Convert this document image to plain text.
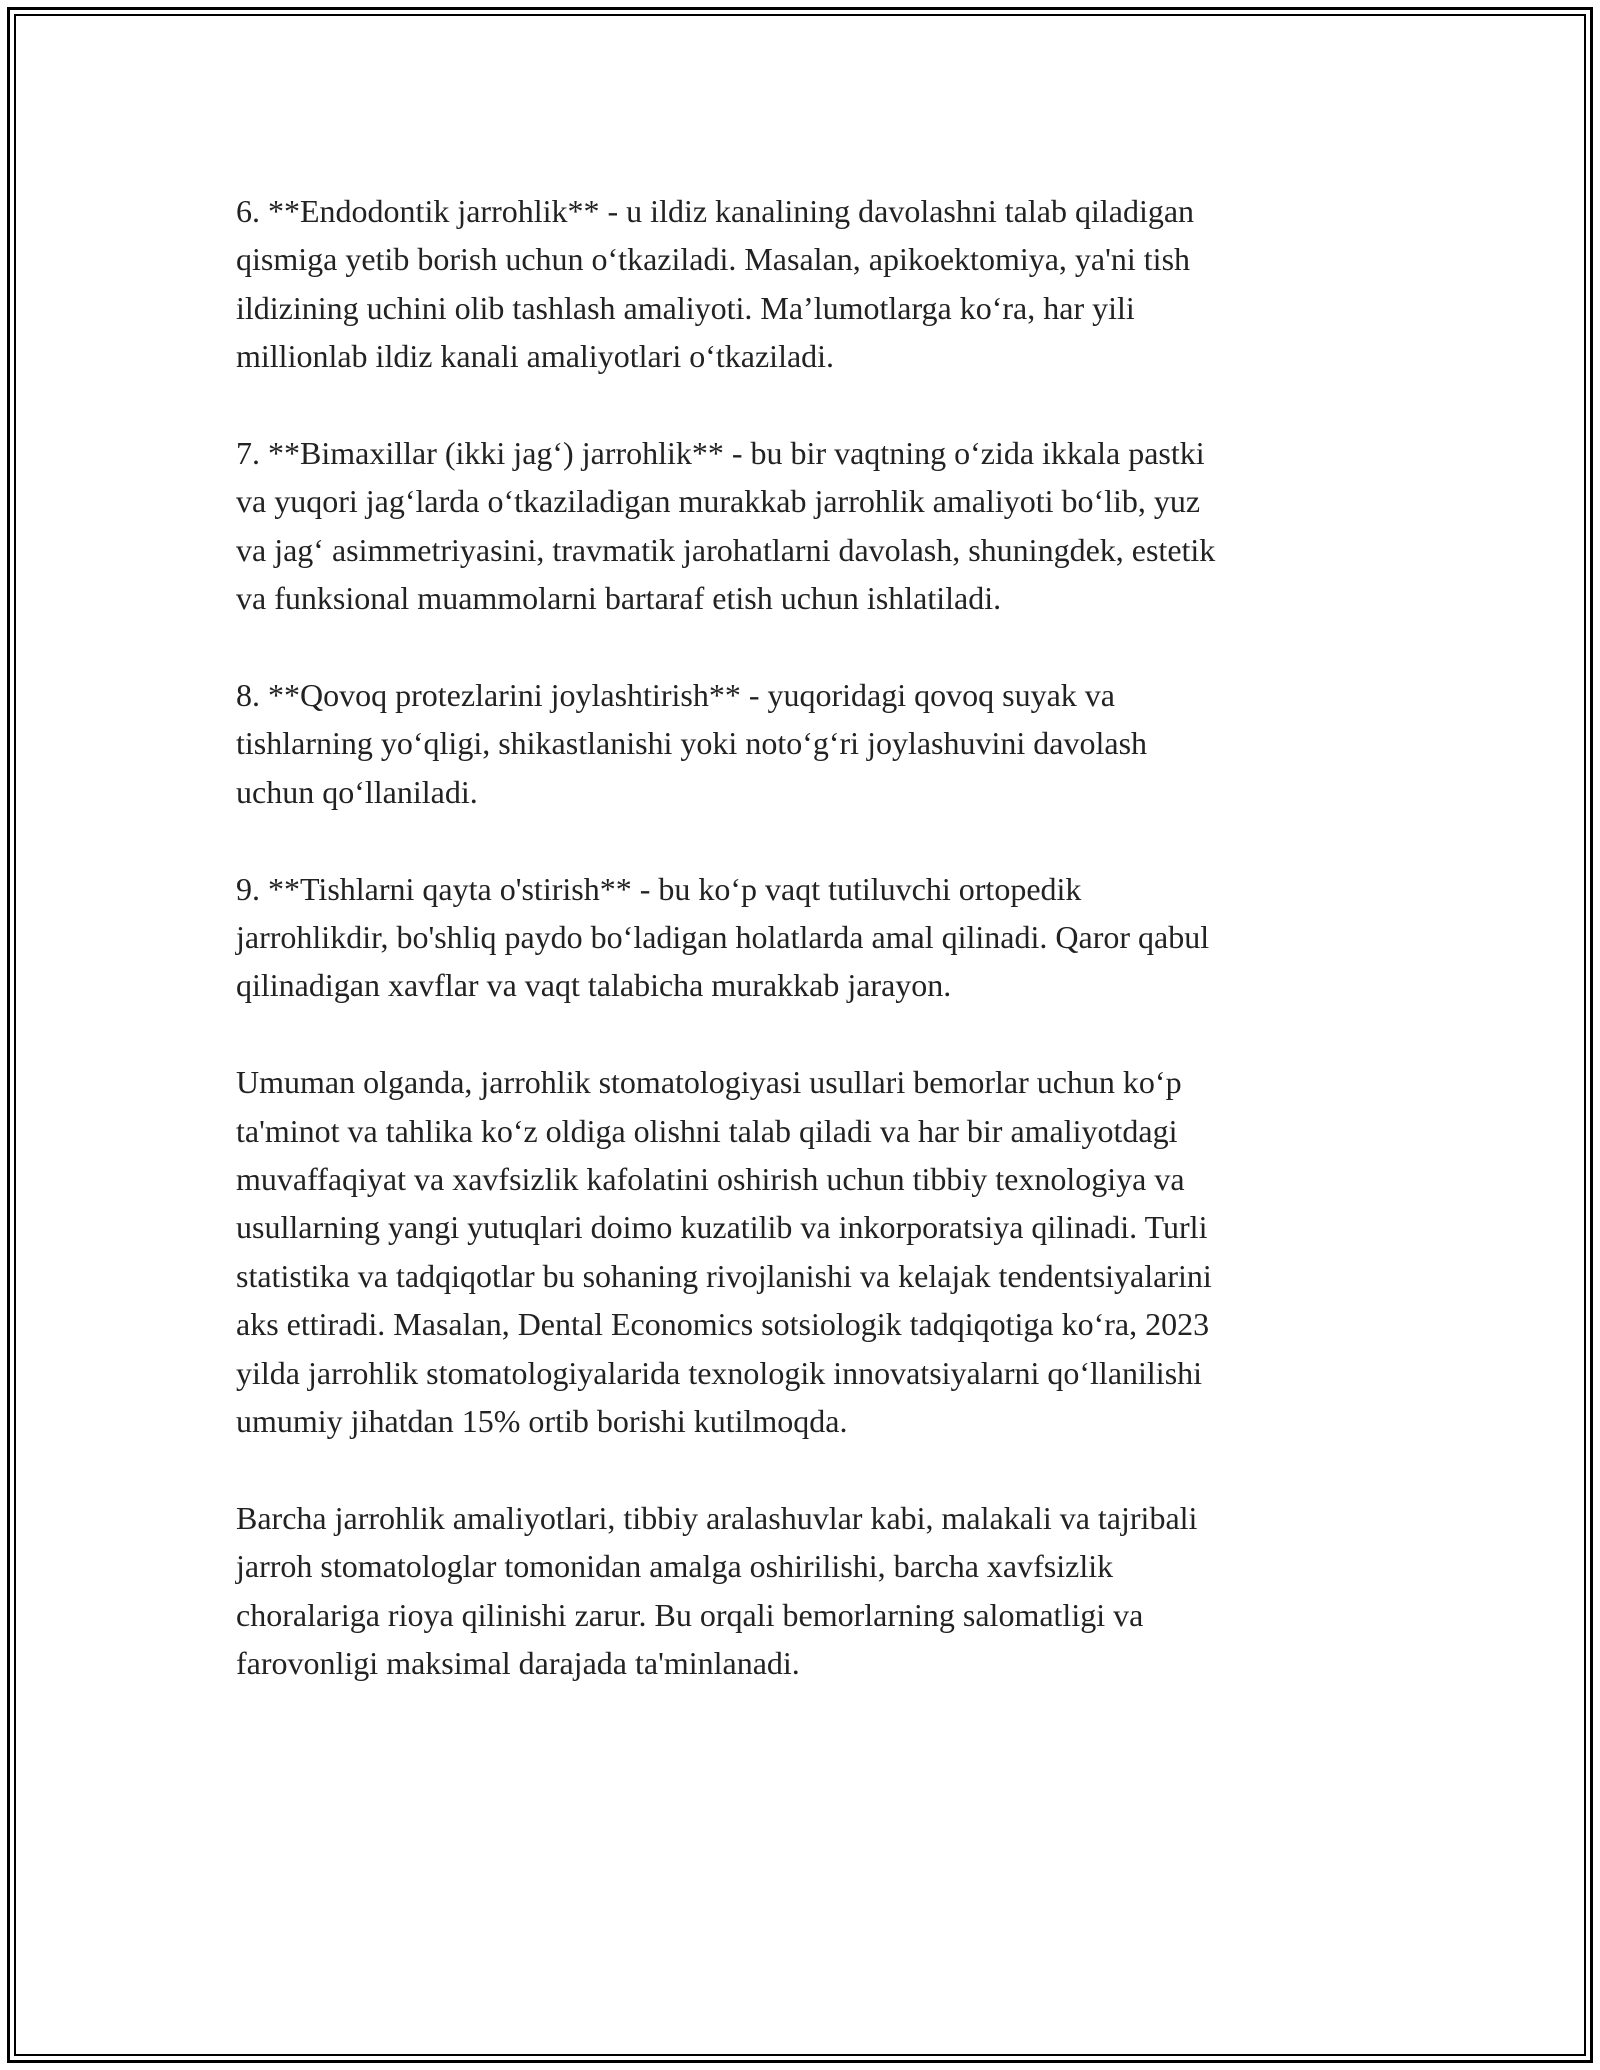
6. **Endodontik jarrohlik** - u ildiz kanalining davolashni talab qiladigan
qismiga yetib borish uchun o‘tkaziladi. Masalan, apikoektomiya, ya'ni tish
ildizining uchini olib tashlash amaliyoti. Ma’lumotlarga ko‘ra, har yili
millionlab ildiz kanali amaliyotlari o‘tkaziladi.

7. **Bimaxillar (ikki jag‘) jarrohlik** - bu bir vaqtning o‘zida ikkala pastki
va yuqori jag‘larda o‘tkaziladigan murakkab jarrohlik amaliyoti bo‘lib, yuz
va jag‘ asimmetriyasini, travmatik jarohatlarni davolash, shuningdek, estetik
va funksional muammolarni bartaraf etish uchun ishlatiladi.

8. **Qovoq protezlarini joylashtirish** - yuqoridagi qovoq suyak va
tishlarning yo‘qligi, shikastlanishi yoki noto‘g‘ri joylashuvini davolash
uchun qo‘llaniladi.

9. **Tishlarni qayta o'stirish** - bu ko‘p vaqt tutiluvchi ortopedik
jarrohlikdir, bo'shliq paydo bo‘ladigan holatlarda amal qilinadi. Qaror qabul
qilinadigan xavflar va vaqt talabicha murakkab jarayon.

Umuman olganda, jarrohlik stomatologiyasi usullari bemorlar uchun ko‘p
ta'minot va tahlika ko‘z oldiga olishni talab qiladi va har bir amaliyotdagi
muvaffaqiyat va xavfsizlik kafolatini oshirish uchun tibbiy texnologiya va
usullarning yangi yutuqlari doimo kuzatilib va inkorporatsiya qilinadi. Turli
statistika va tadqiqotlar bu sohaning rivojlanishi va kelajak tendentsiyalarini
aks ettiradi. Masalan, Dental Economics sotsiologik tadqiqotiga ko‘ra, 2023
yilda jarrohlik stomatologiyalarida texnologik innovatsiyalarni qo‘llanilishi
umumiy jihatdan 15% ortib borishi kutilmoqda.

Barcha jarrohlik amaliyotlari, tibbiy aralashuvlar kabi, malakali va tajribali
jarroh stomatologlar tomonidan amalga oshirilishi, barcha xavfsizlik
choralariga rioya qilinishi zarur. Bu orqali bemorlarning salomatligi va
farovonligi maksimal darajada ta'minlanadi.
